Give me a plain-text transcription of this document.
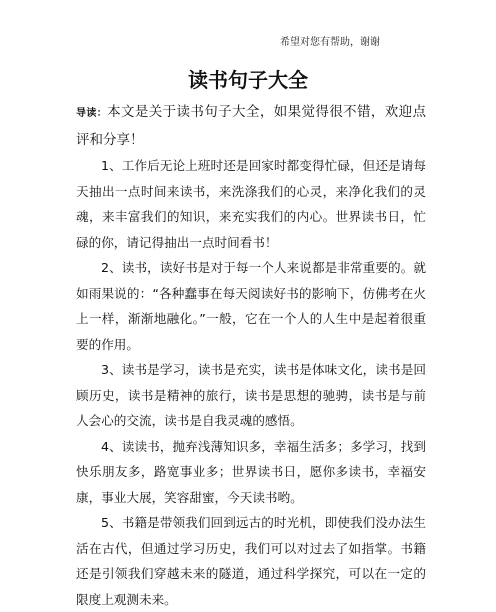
希望对您有帮助，谢谢
读书句子大全

导读：本文是关于读书句子大全，如果觉得很不错，欢迎点评和分享！

1、工作后无论上班时还是回家时都变得忙碌，但还是请每天抽出一点时间来读书，来洗涤我们的心灵，来净化我们的灵魂，来丰富我们的知识，来充实我们的内心。世界读书日，忙碌的你，请记得抽出一点时间看书！

2、读书，读好书是对于每一个人来说都是非常重要的。就如雨果说的：“各种蠢事在每天阅读好书的影响下，仿佛考在火上一样，渐渐地融化。”一般，它在一个人的人生中是起着很重要的作用。

3、读书是学习，读书是充实，读书是体味文化，读书是回顾历史，读书是精神的旅行，读书是思想的驰骋，读书是与前人会心的交流，读书是自我灵魂的感悟。

4、读读书，抛弃浅薄知识多，幸福生活多；多学习，找到快乐朋友多，路宽事业多；世界读书日，愿你多读书，幸福安康，事业大展，笑容甜蜜，今天读书哟。

5、书籍是带领我们回到远古的时光机，即使我们没办法生活在古代，但通过学习历史，我们可以对过去了如指掌。书籍还是引领我们穿越未来的隧道，通过科学探究，可以在一定的限度上观测未来。
